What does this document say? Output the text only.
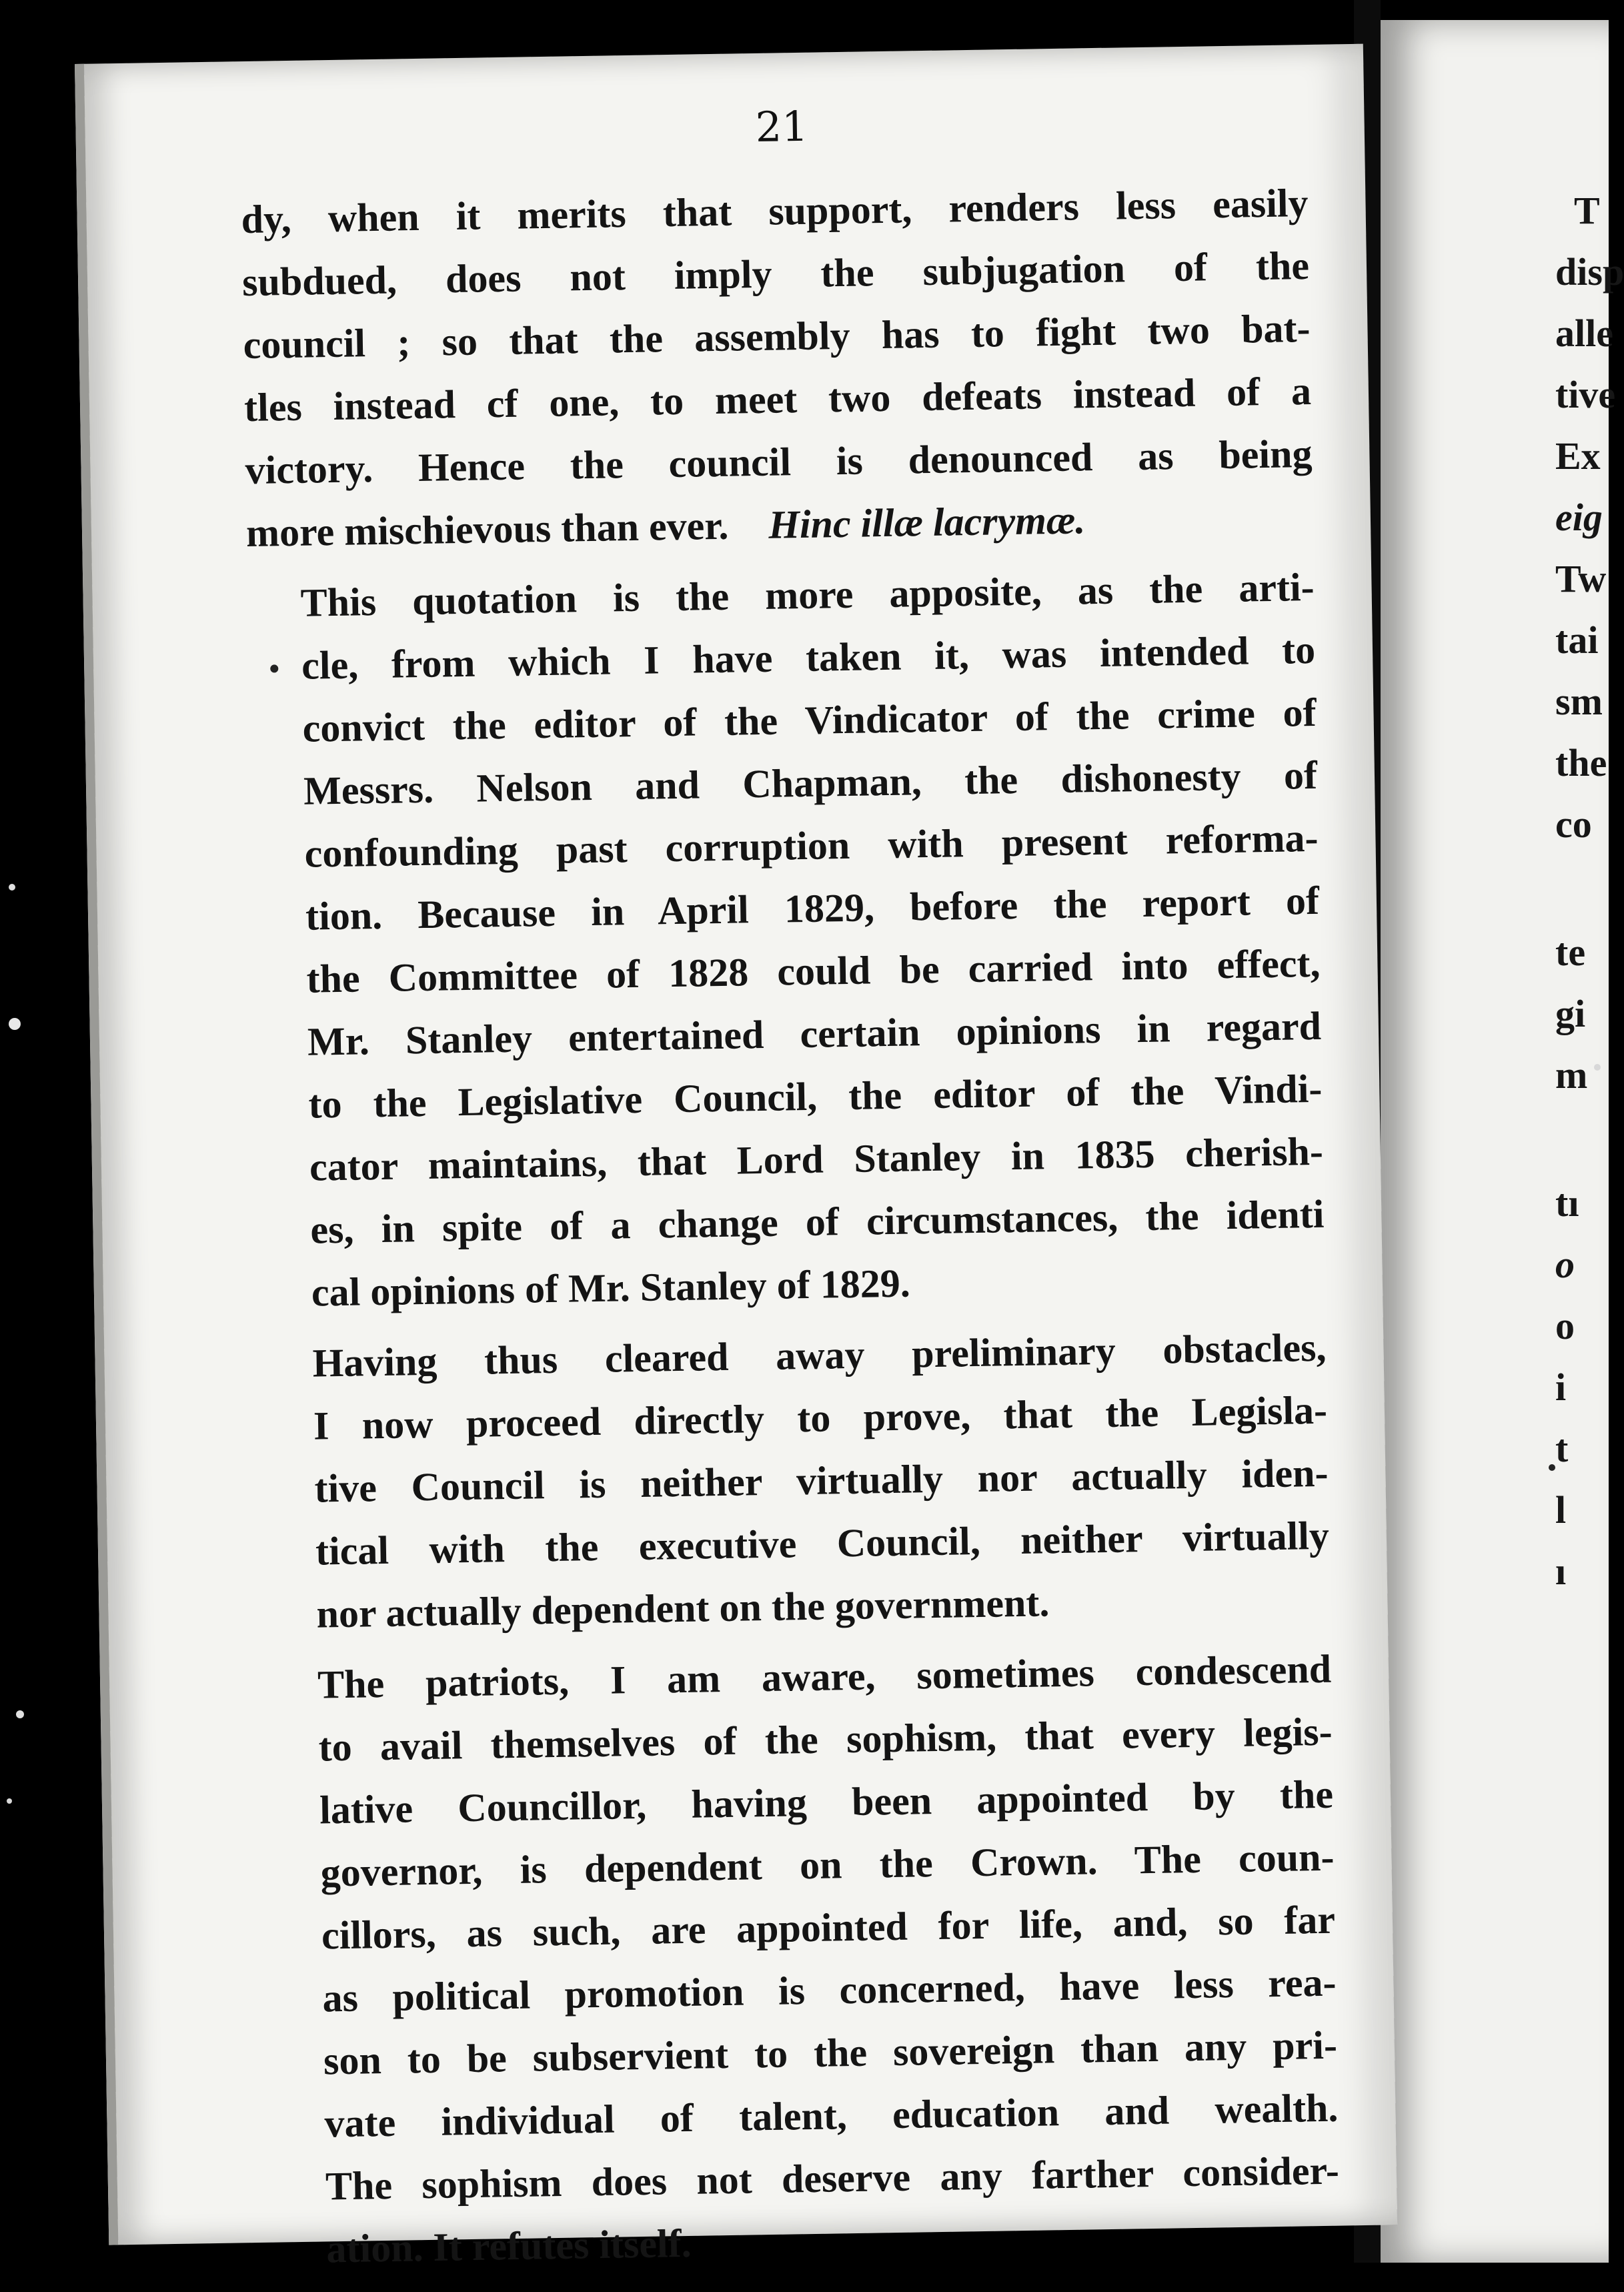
T
disp
alle
tive
Ex
eig
Tw
tai
sm
the
co
te
gi
m
tı
o
o
i
t
l
ı
21

dy, when it merits that support, renders less easily
subdued, does not imply the subjugation of the
council ; so that the assembly has to fight two bat-
tles instead cf one, to meet two defeats instead of a
victory. Hence the council is denounced as being
more mischievous than ever. Hinc illæ lacrymæ.

This quotation is the more apposite, as the arti-
cle, from which I have taken it, was intended to
convict the editor of the Vindicator of the crime of
Messrs. Nelson and Chapman, the dishonesty of
confounding past corruption with present reforma-
tion. Because in April 1829, before the report of
the Committee of 1828 could be carried into effect,
Mr. Stanley entertained certain opinions in regard
to the Legislative Council, the editor of the Vindi-
cator maintains, that Lord Stanley in 1835 cherish-
es, in spite of a change of circumstances, the identi
cal opinions of Mr. Stanley of 1829.

Having thus cleared away preliminary obstacles,
I now proceed directly to prove, that the Legisla-
tive Council is neither virtually nor actually iden-
tical with the executive Council, neither virtually
nor actually dependent on the government.

The patriots, I am aware, sometimes condescend
to avail themselves of the sophism, that every legis-
lative Councillor, having been appointed by the
governor, is dependent on the Crown. The coun-
cillors, as such, are appointed for life, and, so far
as political promotion is concerned, have less rea-
son to be subservient to the sovereign than any pri-
vate individual of talent, education and wealth.
The sophism does not deserve any farther consider-
ation. It refutes itself.
